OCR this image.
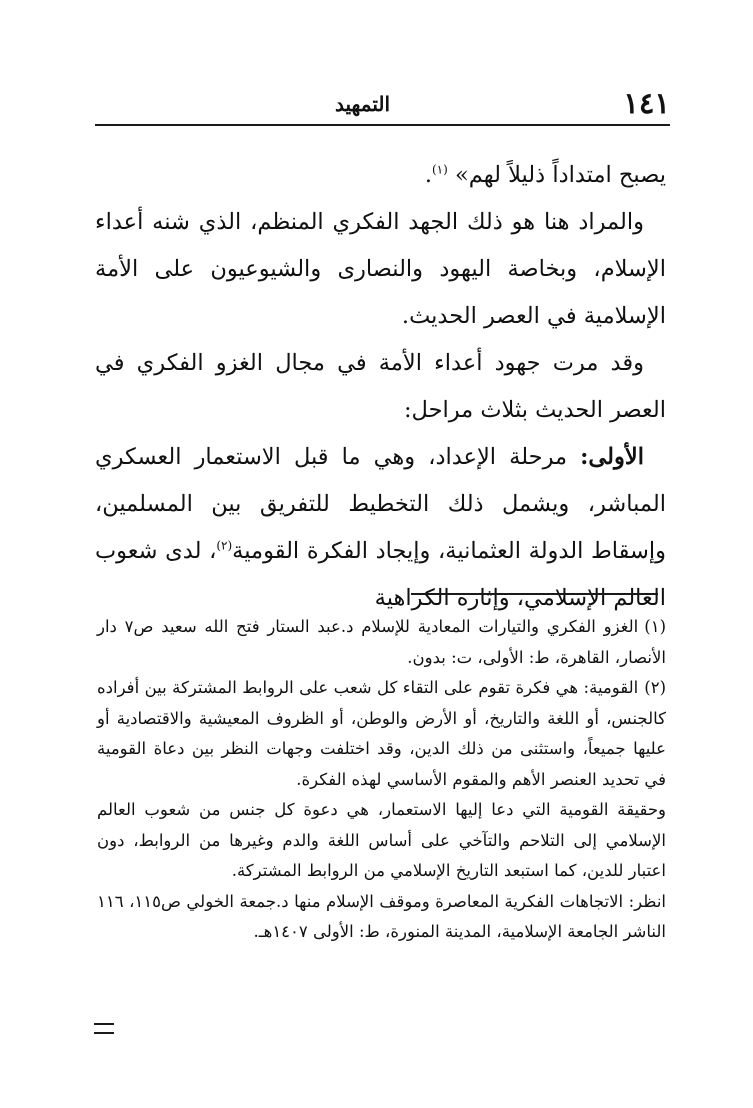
١٤١
التمهيد

يصبح امتداداً ذليلاً لهم» $^{(١)}$.

والمراد هنا هو ذلك الجهد الفكري المنظم، الذي شنه أعداء الإسلام، وبخاصة اليهود والنصارى والشيوعيون على الأمة الإسلامية في العصر الحديث.

وقد مرت جهود أعداء الأمة في مجال الغزو الفكري في العصر الحديث بثلاث مراحل:

الأولى: مرحلة الإعداد، وهي ما قبل الاستعمار العسكري المباشر، ويشمل ذلك التخطيط للتفريق بين المسلمين، وإسقاط الدولة العثمانية، وإيجاد الفكرة القومية$^{(٢)}$، لدى شعوب العالم الإسلامي، وإثارة الكراهية

(١)الغزو الفكري والتيارات المعادية للإسلام د.عبد الستار فتح الله سعيد ص٧ دار الأنصار، القاهرة، ط: الأولى، ت: بدون.

(٢)القومية: هي فكرة تقوم على التقاء كل شعب على الروابط المشتركة بين أفراده كالجنس، أو اللغة والتاريخ، أو الأرض والوطن، أو الظروف المعيشية والاقتصادية أو عليها جميعاً، واستثنى من ذلك الدين، وقد اختلفت وجهات النظر بين دعاة القومية في تحديد العنصر الأهم والمقوم الأساسي لهذه الفكرة.

وحقيقة القومية التي دعا إليها الاستعمار، هي دعوة كل جنس من شعوب العالم الإسلامي إلى التلاحم والتآخي على أساس اللغة والدم وغيرها من الروابط، دون اعتبار للدين، كما استبعد التاريخ الإسلامي من الروابط المشتركة.

انظر: الاتجاهات الفكرية المعاصرة وموقف الإسلام منها د.جمعة الخولي ص١١٥، ١١٦ الناشر الجامعة الإسلامية، المدينة المنورة، ط: الأولى ١٤٠٧هـ.
